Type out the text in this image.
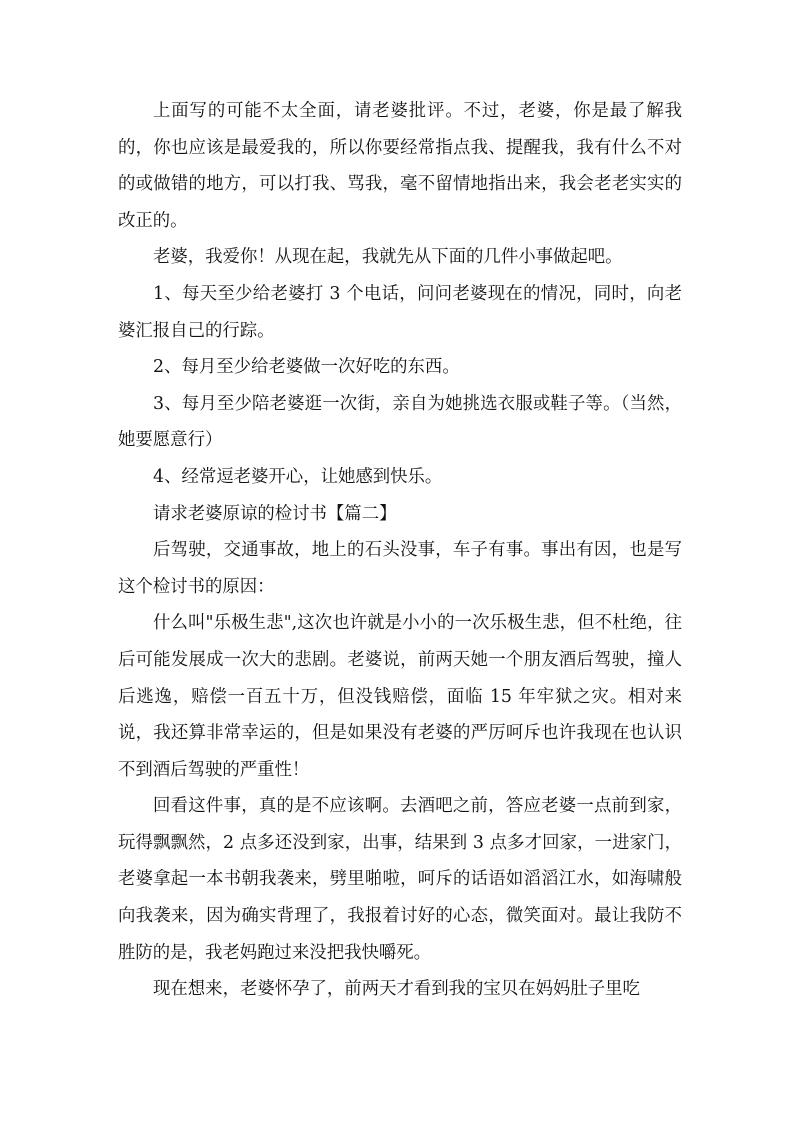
上面写的可能不太全面，请老婆批评。不过，老婆，你是最了解我的，你也应该是最爱我的，所以你要经常指点我、提醒我，我有什么不对的或做错的地方，可以打我、骂我，毫不留情地指出来，我会老老实实的改正的。

老婆，我爱你！从现在起，我就先从下面的几件小事做起吧。

1、每天至少给老婆打 3 个电话，问问老婆现在的情况，同时，向老婆汇报自己的行踪。

2、每月至少给老婆做一次好吃的东西。

3、每月至少陪老婆逛一次街，亲自为她挑选衣服或鞋子等。（当然，她要愿意行）

4、经常逗老婆开心，让她感到快乐。

请求老婆原谅的检讨书【篇二】

后驾驶，交通事故，地上的石头没事，车子有事。事出有因，也是写这个检讨书的原因：

什么叫"乐极生悲",这次也许就是小小的一次乐极生悲，但不杜绝，往后可能发展成一次大的悲剧。老婆说，前两天她一个朋友酒后驾驶，撞人后逃逸，赔偿一百五十万，但没钱赔偿，面临 15 年牢狱之灾。相对来说，我还算非常幸运的，但是如果没有老婆的严厉呵斥也许我现在也认识不到酒后驾驶的严重性！

回看这件事，真的是不应该啊。去酒吧之前，答应老婆一点前到家，玩得飘飘然，2 点多还没到家，出事，结果到 3 点多才回家，一进家门，老婆拿起一本书朝我袭来，劈里啪啦，呵斥的话语如滔滔江水，如海啸般向我袭来，因为确实背理了，我报着讨好的心态，微笑面对。最让我防不胜防的是，我老妈跑过来没把我快嚼死。

现在想来，老婆怀孕了，前两天才看到我的宝贝在妈妈肚子里吃
